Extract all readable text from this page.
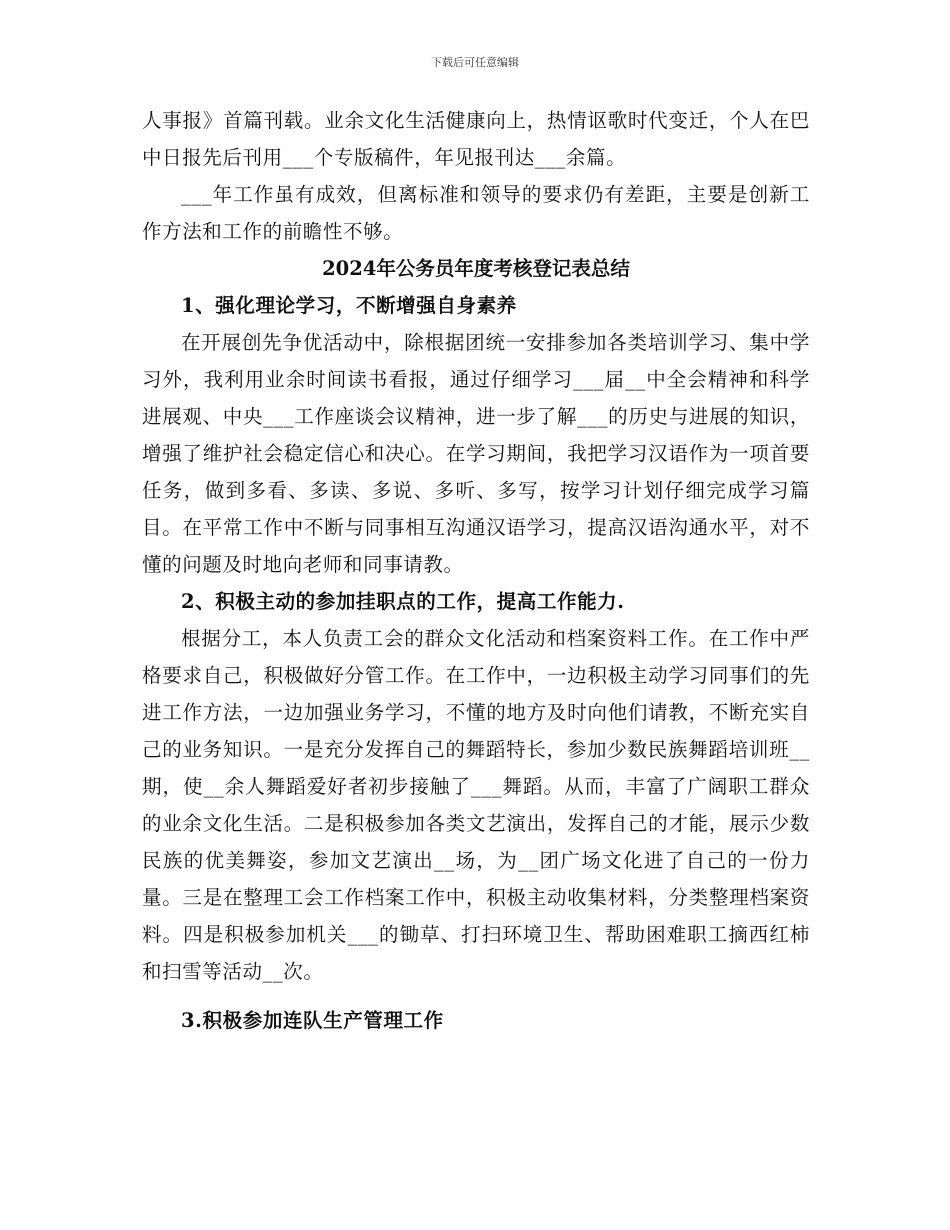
下载后可任意编辑

人事报》首篇刊载。业余文化生活健康向上，热情讴歌时代变迁，个人在巴中日报先后刊用___个专版稿件，年见报刊达___余篇。

___年工作虽有成效，但离标准和领导的要求仍有差距，主要是创新工作方法和工作的前瞻性不够。

2024年公务员年度考核登记表总结

1、强化理论学习，不断增强自身素养

在开展创先争优活动中，除根据团统一安排参加各类培训学习、集中学习外，我利用业余时间读书看报，通过仔细学习___届__中全会精神和科学进展观、中央___工作座谈会议精神，进一步了解___的历史与进展的知识，增强了维护社会稳定信心和决心。在学习期间，我把学习汉语作为一项首要任务，做到多看、多读、多说、多听、多写，按学习计划仔细完成学习篇目。在平常工作中不断与同事相互沟通汉语学习，提高汉语沟通水平，对不懂的问题及时地向老师和同事请教。

2、积极主动的参加挂职点的工作，提高工作能力.

根据分工，本人负责工会的群众文化活动和档案资料工作。在工作中严格要求自己，积极做好分管工作。在工作中，一边积极主动学习同事们的先进工作方法，一边加强业务学习，不懂的地方及时向他们请教，不断充实自己的业务知识。一是充分发挥自己的舞蹈特长，参加少数民族舞蹈培训班__期，使__余人舞蹈爱好者初步接触了___舞蹈。从而，丰富了广阔职工群众的业余文化生活。二是积极参加各类文艺演出，发挥自己的才能，展示少数民族的优美舞姿，参加文艺演出__场，为__团广场文化进了自己的一份力量。三是在整理工会工作档案工作中，积极主动收集材料，分类整理档案资料。四是积极参加机关___的锄草、打扫环境卫生、帮助困难职工摘西红柿和扫雪等活动__次。

3.积极参加连队生产管理工作
